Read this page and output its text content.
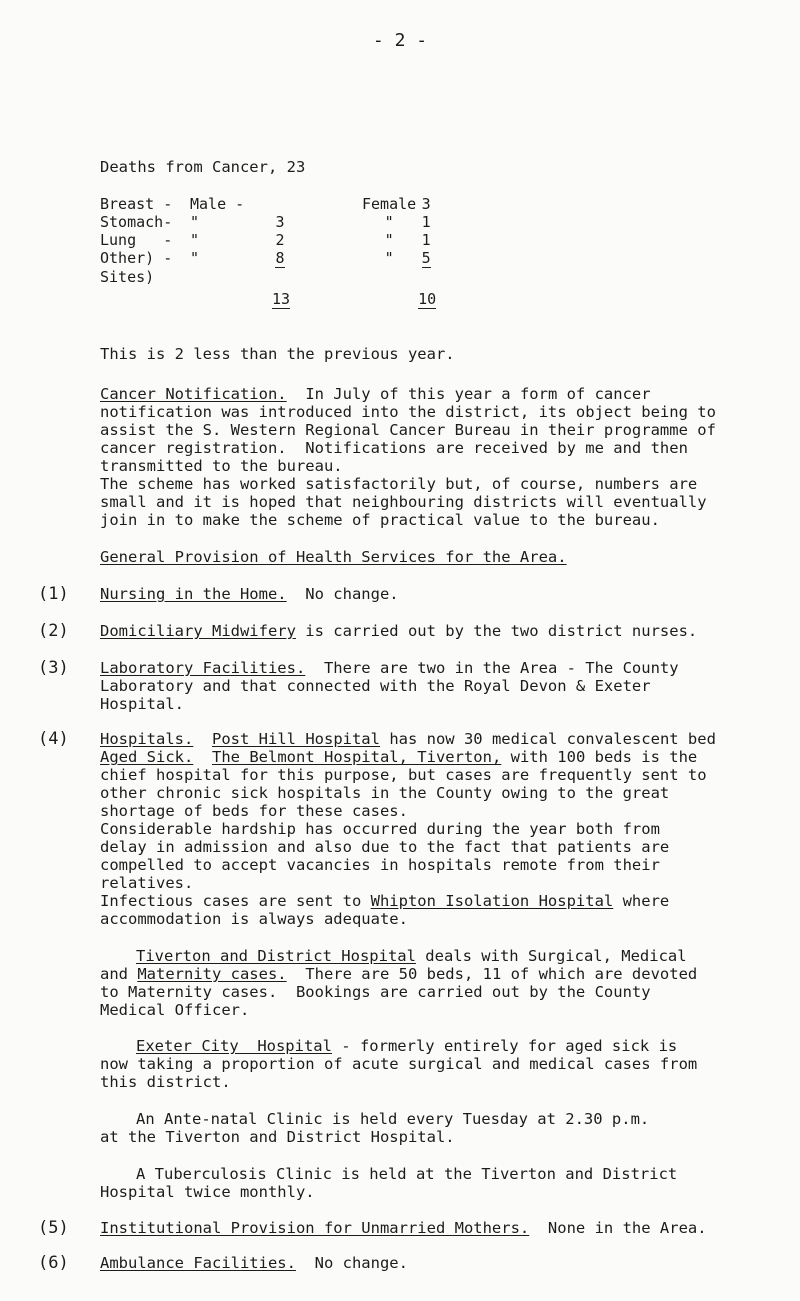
- 2 -
Deaths from Cancer, 23
Breast -	Male -			Female	3	
Stomach-	"	3		"	1	
Lung   -	"	2		"	1	
Other) -	"	8		"	5	
Sites)						
	13			10		
This is 2 less than the previous year.
Cancer Notification. In July of this year a form of cancer
notification was introduced into the district, its object being to
assist the S. Western Regional Cancer Bureau in their programme of
cancer registration.  Notifications are received by me and then
transmitted to the bureau.
The scheme has worked satisfactorily but, of course, numbers are
small and it is hoped that neighbouring districts will eventually
join in to make the scheme of practical value to the bureau.
General Provision of Health Services for the Area.
(1) Nursing in the Home.  No change.
(2) Domiciliary Midwifery is carried out by the two district nurses.
(3) Laboratory Facilities.  There are two in the Area - The County
Laboratory and that connected with the Royal Devon & Exeter
Hospital.
(4) Hospitals. Post Hill Hospital has now 30 medical convalescent bed
Aged Sick. The Belmont Hospital, Tiverton, with 100 beds is the
chief hospital for this purpose, but cases are frequently sent to
other chronic sick hospitals in the County owing to the great
shortage of beds for these cases.
Considerable hardship has occurred during the year both from
delay in admission and also due to the fact that patients are
compelled to accept vacancies in hospitals remote from their
relatives.
Infectious cases are sent to Whipton Isolation Hospital where
accommodation is always adequate.
Tiverton and District Hospital deals with Surgical, Medical
and Maternity cases.  There are 50 beds, 11 of which are devoted
to Maternity cases.  Bookings are carried out by the County
Medical Officer.
Exeter City  Hospital - formerly entirely for aged sick is
now taking a proportion of acute surgical and medical cases from
this district.
An Ante-natal Clinic is held every Tuesday at 2.30 p.m.
at the Tiverton and District Hospital.
A Tuberculosis Clinic is held at the Tiverton and District
Hospital twice monthly.
(5) Institutional Provision for Unmarried Mothers.  None in the Area.
(6) Ambulance Facilities.  No change.
